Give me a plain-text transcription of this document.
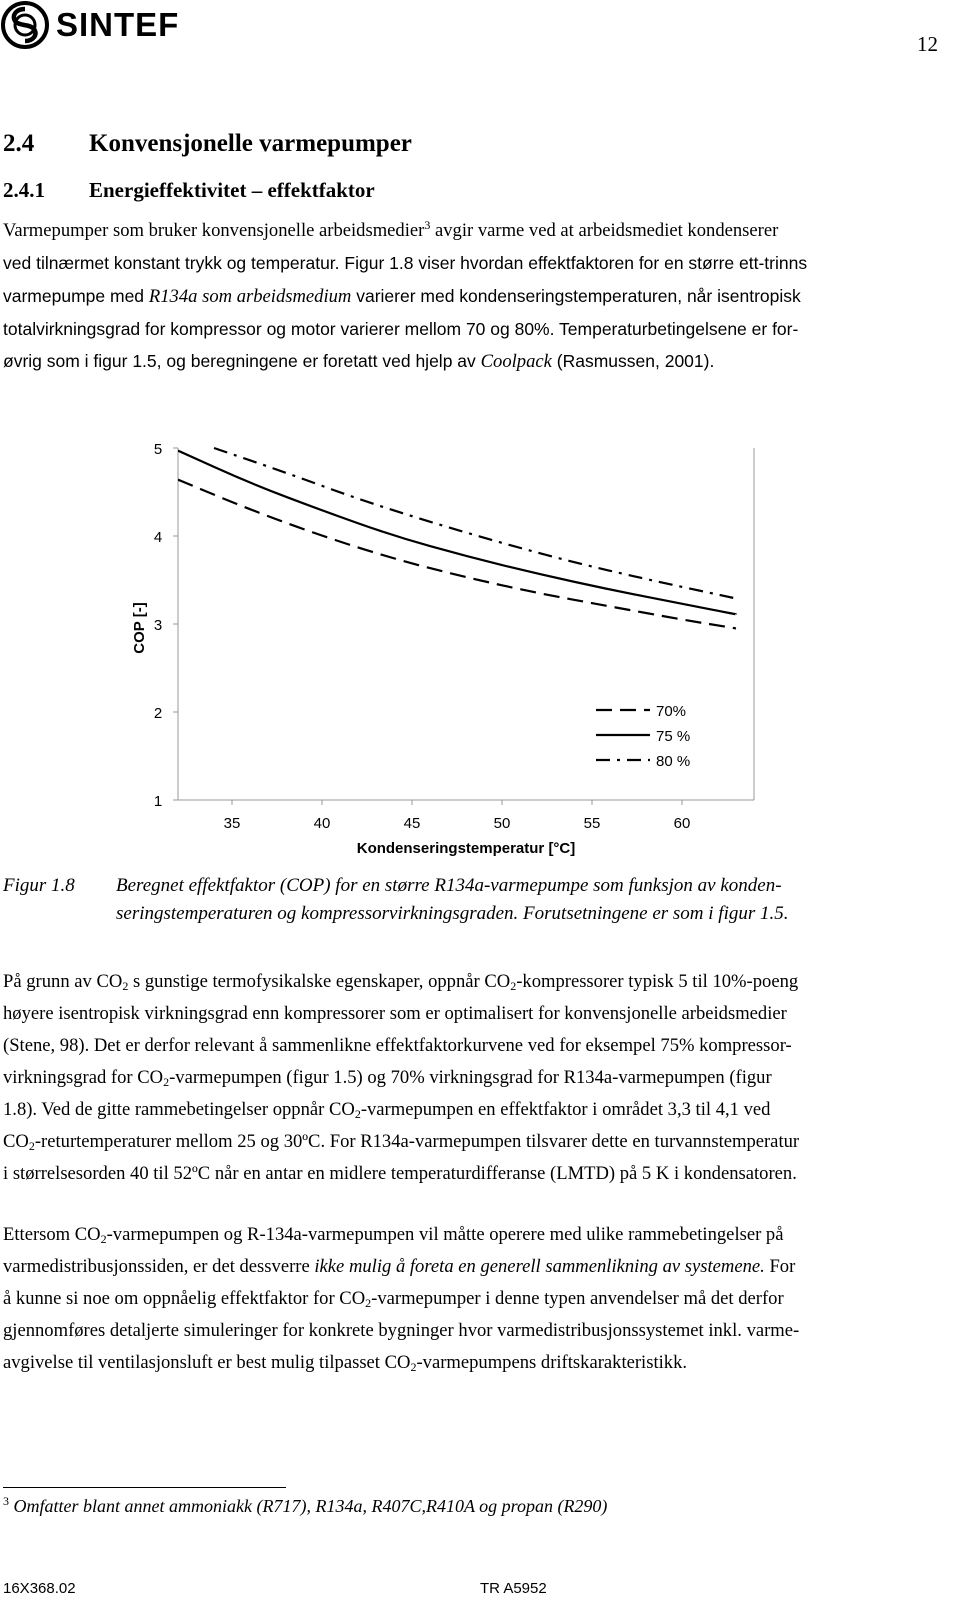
SINTEF
12
2.4 Konvensjonelle varmepumper
2.4.1 Energieffektivitet – effektfaktor
Varmepumper som bruker konvensjonelle arbeidsmedier$^3$ avgir varme ved at arbeidsmediet kondenserer
ved tilnærmet konstant trykk og temperatur. Figur 1.8 viser hvordan effektfaktoren for en større ett-trinns
varmepumpe med R134a som arbeidsmedium varierer med kondenseringstemperaturen, når isentropisk
totalvirkningsgrad for kompressor og motor varierer mellom 70 og 80%. Temperaturbetingelsene er for-
øvrig som i figur 1.5, og beregningene er foretatt ved hjelp av Coolpack (Rasmussen, 2001).
1
2
3
4
5
35	40	45	50	55	60
Kondenseringstemperatur [°C]
COP [-]
70%
75 %
80 %
Figur 1.8 Beregnet effektfaktor (COP) for en større R134a-varmepumpe som funksjon av konden-
seringstemperaturen og kompressorvirkningsgraden. Forutsetningene er som i figur 1.5.
På grunn av $CO_2$ s gunstige termofysikalske egenskaper, oppnår $CO_2$-kompressorer typisk 5 til 10%-poeng
høyere isentropisk virkningsgrad enn kompressorer som er optimalisert for konvensjonelle arbeidsmedier
(Stene, 98). Det er derfor relevant å sammenlikne effektfaktorkurvene ved for eksempel 75% kompressor-
virkningsgrad for $CO_2$-varmepumpen (figur 1.5) og 70% virkningsgrad for R134a-varmepumpen (figur
1.8). Ved de gitte rammebetingelser oppnår $CO_2$-varmepumpen en effektfaktor i området 3,3 til 4,1 ved
$CO_2$-returtemperaturer mellom 25 og 30ºC. For R134a-varmepumpen tilsvarer dette en turvannstemperatur
i størrelsesorden 40 til 52ºC når en antar en midlere temperaturdifferanse (LMTD) på 5 K i kondensatoren.
Ettersom $CO_2$-varmepumpen og R-134a-varmepumpen vil måtte operere med ulike rammebetingelser på
varmedistribusjonssiden, er det dessverre ikke mulig å foreta en generell sammenlikning av systemene. For
å kunne si noe om oppnåelig effektfaktor for $CO_2$-varmepumper i denne typen anvendelser må det derfor
gjennomføres detaljerte simuleringer for konkrete bygninger hvor varmedistribusjonssystemet inkl. varme-
avgivelse til ventilasjonsluft er best mulig tilpasset $CO_2$-varmepumpens driftskarakteristikk.
$^3$ Omfatter blant annet ammoniakk (R717), R134a, R407C,R410A og propan (R290)
16X368.02	TR A5952
